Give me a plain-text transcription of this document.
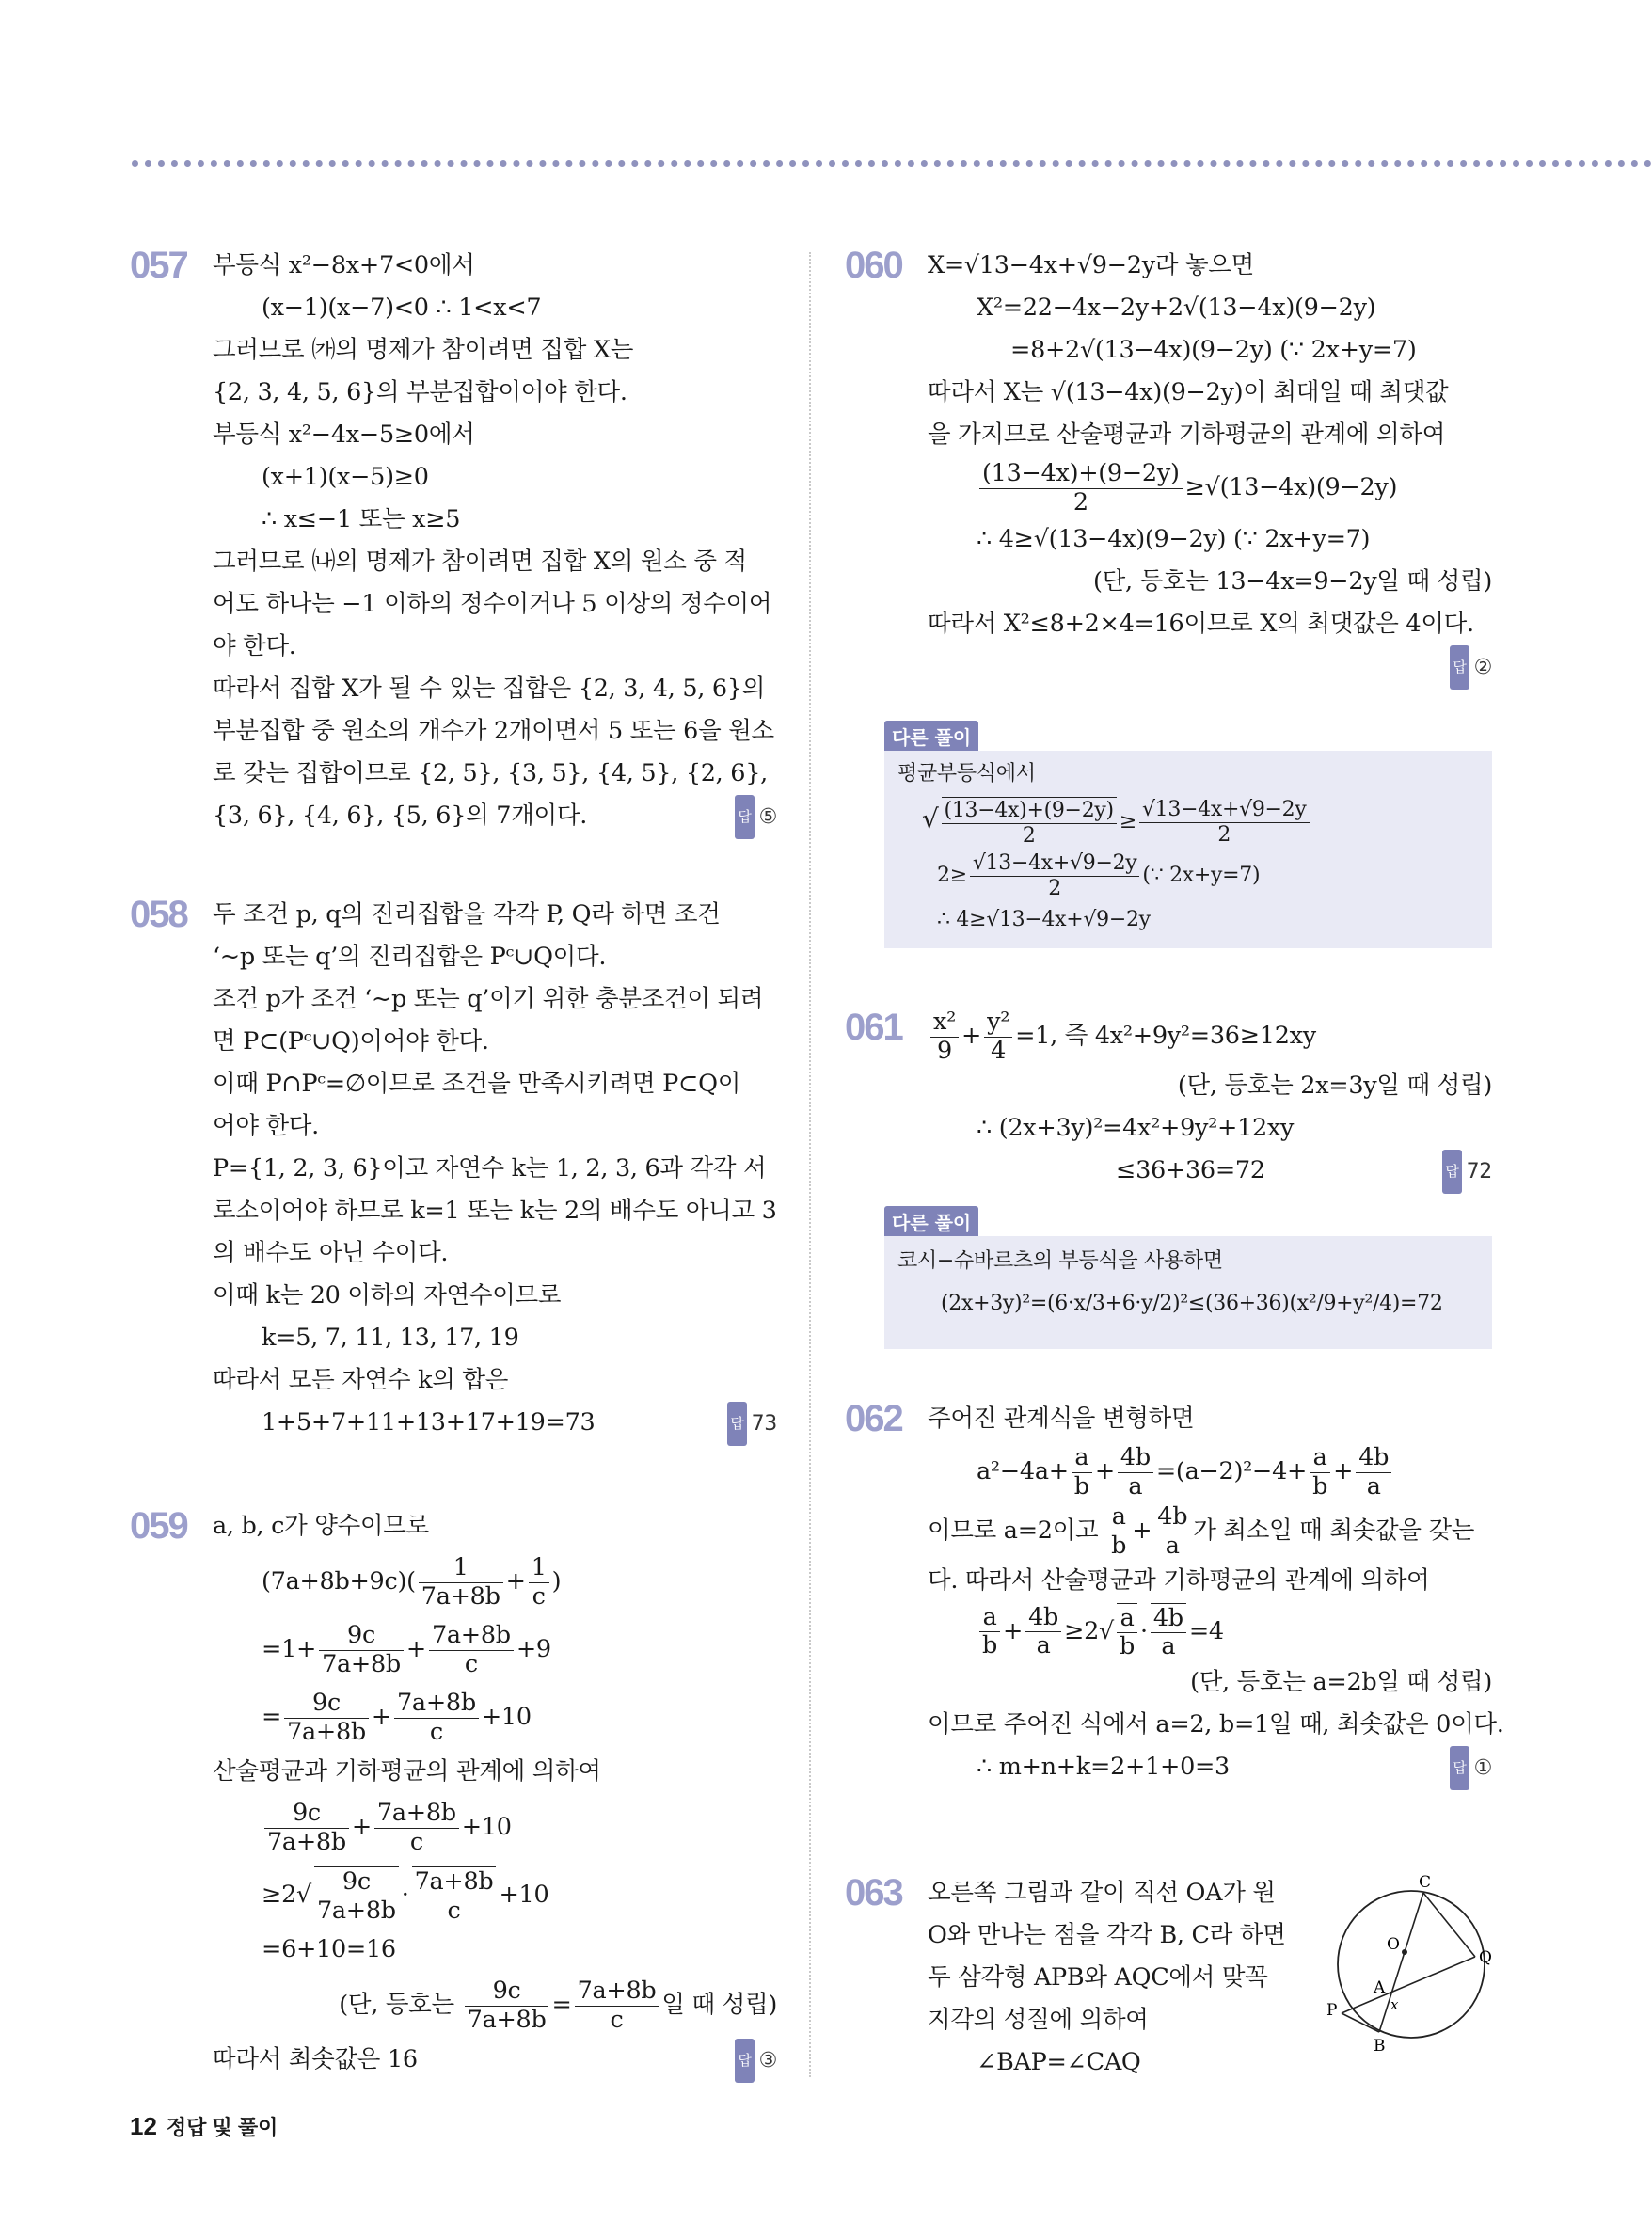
057 부등식 x²−8x+7<0에서
(x−1)(x−7)<0 ∴ 1<x<7
그러므로 ㈎의 명제가 참이려면 집합 X는
{2, 3, 4, 5, 6}의 부분집합이어야 한다.
부등식 x²−4x−5≥0에서
(x+1)(x−5)≥0
∴ x≤−1 또는 x≥5
그러므로 ㈏의 명제가 참이려면 집합 X의 원소 중 적
어도 하나는 −1 이하의 정수이거나 5 이상의 정수이어
야 한다.
따라서 집합 X가 될 수 있는 집합은 {2, 3, 4, 5, 6}의
부분집합 중 원소의 개수가 2개이면서 5 또는 6을 원소
로 갖는 집합이므로 {2, 5}, {3, 5}, {4, 5}, {2, 6},
{3, 6}, {4, 6}, {5, 6}의 7개이다.	답 ⑤
058 두 조건 p, q의 진리집합을 각각 P, Q라 하면 조건
‘~p 또는 q’의 진리집합은 Pᶜ∪Q이다.
조건 p가 조건 ‘~p 또는 q’이기 위한 충분조건이 되려
면 P⊂(Pᶜ∪Q)이어야 한다.
이때 P∩Pᶜ=∅이므로 조건을 만족시키려면 P⊂Q이
어야 한다.
P={1, 2, 3, 6}이고 자연수 k는 1, 2, 3, 6과 각각 서
로소이어야 하므로 k=1 또는 k는 2의 배수도 아니고 3
의 배수도 아닌 수이다.
이때 k는 20 이하의 자연수이므로
k=5, 7, 11, 13, 17, 19
따라서 모든 자연수 k의 합은
1+5+7+11+13+17+19=73	답 73
059 a, b, c가 양수이므로
$(7a+8b+9c)( \frac{1}{7a+8b} + \frac{1}{c}$ )
$=1+ \frac{9c}{7a+8b} + \frac{7a+8b}{c} +9$
= $\frac{9c}{7a+8b} + \frac{7a+8b}{c} +10$
산술평균과 기하평균의 관계에 의하여
$\frac{9c}{7a+8b} + \frac{7a+8b}{c} +10$
$\ge 2√ \frac{9c}{7a+8b} \cdot \frac{7a+8b}{c} +10$
=6+10=16
(단, 등호는 $\frac{9c}{7a+8b} = \frac{7a+8b}{c}$ 일 때 성립)
따라서 최솟값은 16	답 ③
060 X=√13−4x+√9−2y라 놓으면
X²=22−4x−2y+2√(13−4x)(9−2y)
=8+2√(13−4x)(9−2y) (∵ 2x+y=7)
따라서 X는 √(13−4x)(9−2y)이 최대일 때 최댓값
을 가지므로 산술평균과 기하평균의 관계에 의하여
$\frac{(13-4x)+(9-2y)}{2} \ge√(13-4x)(9-2y)$
∴ 4≥√(13−4x)(9−2y) (∵ 2x+y=7)
(단, 등호는 13−4x=9−2y일 때 성립)
따라서 X²≤8+2×4=16이므로 X의 최댓값은 4이다.
답 ②
다른 풀이
평균부등식에서
√ $\frac{(13-4x)+(9-2y)}{2} \ge \frac{√13-4x+√9-2y}{2}$
$2\ge \frac{√13-4x+√9-2y}{2}$ (∵ 2x+y=7)
∴ 4≥√13−4x+√9−2y
$061 \frac{\text{x²}}{9} + \frac{\text{y²}}{4} =1$, 즉 4x²+9y²=36≥12xy
(단, 등호는 2x=3y일 때 성립)
∴ (2x+3y)²=4x²+9y²+12xy
≤36+36=72	답 72
다른 풀이
코시−슈바르츠의 부등식을 사용하면
(2x+3y)²=(6·x/3+6·y/2)²≤(36+36)(x²/9+y²/4)=72
062 주어진 관계식을 변형하면
$a^2-4a+ \frac{a}{b} + \frac{4b}{a} =(a-2)^2-4+ \frac{a}{b} + \frac{4b}{a}$
이므로 a=2이고 $\frac{a}{b} + \frac{4b}{a}$ 가 최소일 때 최솟값을 갖는
다. 따라서 산술평균과 기하평균의 관계에 의하여
$\frac{a}{b} + \frac{4b}{a} \ge 2√ \frac{a}{b} \cdot \frac{4b}{a} =4$
(단, 등호는 a=2b일 때 성립)
이므로 주어진 식에서 a=2, b=1일 때, 최솟값은 0이다.
∴ m+n+k=2+1+0=3	답 ①
063 오른쪽 그림과 같이 직선 OA가 원
O와 만나는 점을 각각 B, C라 하면
두 삼각형 APB와 AQC에서 맞꼭
지각의 성질에 의하여
∠BAP=∠CAQ
C
O
A
Q
P
B
x
12 정답 및 풀이
